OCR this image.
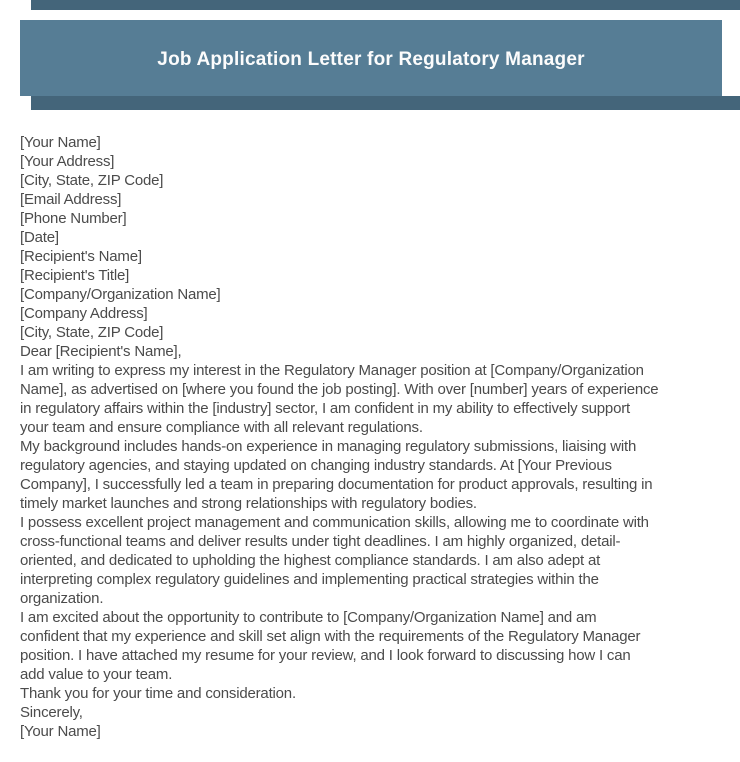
Job Application Letter for Regulatory Manager
[Your Name]
[Your Address]
[City, State, ZIP Code]
[Email Address]
[Phone Number]
[Date]
[Recipient's Name]
[Recipient's Title]
[Company/Organization Name]
[Company Address]
[City, State, ZIP Code]
Dear [Recipient's Name],
I am writing to express my interest in the Regulatory Manager position at [Company/Organization
Name], as advertised on [where you found the job posting]. With over [number] years of experience
in regulatory affairs within the [industry] sector, I am confident in my ability to effectively support
your team and ensure compliance with all relevant regulations.
My background includes hands-on experience in managing regulatory submissions, liaising with
regulatory agencies, and staying updated on changing industry standards. At [Your Previous
Company], I successfully led a team in preparing documentation for product approvals, resulting in
timely market launches and strong relationships with regulatory bodies.
I possess excellent project management and communication skills, allowing me to coordinate with
cross-functional teams and deliver results under tight deadlines. I am highly organized, detail-
oriented, and dedicated to upholding the highest compliance standards. I am also adept at
interpreting complex regulatory guidelines and implementing practical strategies within the
organization.
I am excited about the opportunity to contribute to [Company/Organization Name] and am
confident that my experience and skill set align with the requirements of the Regulatory Manager
position. I have attached my resume for your review, and I look forward to discussing how I can
add value to your team.
Thank you for your time and consideration.
Sincerely,
[Your Name]
